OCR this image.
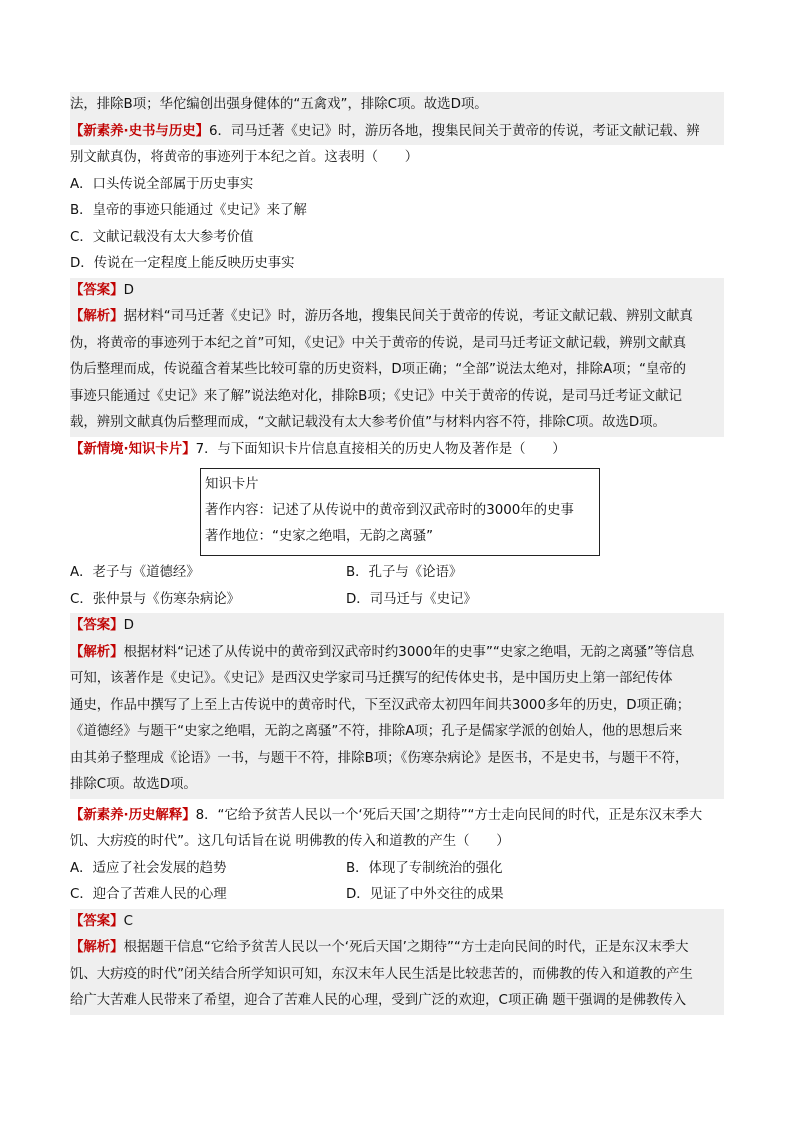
法，排除B项；华佗编创出强身健体的“五禽戏”，排除C项。故选D项。
【新素养·史书与历史】6．司马迁著《史记》时，游历各地，搜集民间关于黄帝的传说，考证文献记载、辨
别文献真伪，将黄帝的事迹列于本纪之首。这表明（　　）
A．口头传说全部属于历史事实
B．皇帝的事迹只能通过《史记》来了解
C．文献记载没有太大参考价值
D．传说在一定程度上能反映历史事实
【答案】D
【解析】据材料“司马迁著《史记》时，游历各地，搜集民间关于黄帝的传说，考证文献记载、辨别文献真
伪，将黄帝的事迹列于本纪之首”可知，《史记》中关于黄帝的传说，是司马迁考证文献记载，辨别文献真
伪后整理而成，传说蕴含着某些比较可靠的历史资料，D项正确；“全部”说法太绝对，排除A项；“皇帝的
事迹只能通过《史记》来了解”说法绝对化，排除B项；《史记》中关于黄帝的传说，是司马迁考证文献记
载，辨别文献真伪后整理而成，“文献记载没有太大参考价值”与材料内容不符，排除C项。故选D项。
【新情境·知识卡片】7．与下面知识卡片信息直接相关的历史人物及著作是（　　）
知识卡片
著作内容：记述了从传说中的黄帝到汉武帝时的3000年的史事
著作地位：“史家之绝唱，无韵之离骚”
A．老子与《道德经》	B．孔子与《论语》
C．张仲景与《伤寒杂病论》	D．司马迁与《史记》
【答案】D
【解析】根据材料“记述了从传说中的黄帝到汉武帝时约3000年的史事”“史家之绝唱，无韵之离骚”等信息
可知，该著作是《史记》。《史记》是西汉史学家司马迁撰写的纪传体史书，是中国历史上第一部纪传体
通史，作品中撰写了上至上古传说中的黄帝时代，下至汉武帝太初四年间共3000多年的历史，D项正确；
《道德经》与题干“史家之绝唱，无韵之离骚”不符，排除A项；孔子是儒家学派的创始人，他的思想后来
由其弟子整理成《论语》一书，与题干不符，排除B项；《伤寒杂病论》是医书，不是史书，与题干不符，
排除C项。故选D项。
【新素养·历史解释】8．“它给予贫苦人民以一个‘死后天国’之期待”“方士走向民间的时代，正是东汉末季大
饥、大疠疫的时代”。这几句话旨在说 明佛教的传入和道教的产生（　　）
A．适应了社会发展的趋势	B．体现了专制统治的强化
C．迎合了苦难人民的心理	D．见证了中外交往的成果
【答案】C
【解析】根据题干信息“它给予贫苦人民以一个‘死后天国’之期待”“方士走向民间的时代，正是东汉末季大
饥、大疠疫的时代”闭关结合所学知识可知，东汉末年人民生活是比较悲苦的，而佛教的传入和道教的产生
给广大苦难人民带来了希望，迎合了苦难人民的心理，受到广泛的欢迎，C项正确 题干强调的是佛教传入
